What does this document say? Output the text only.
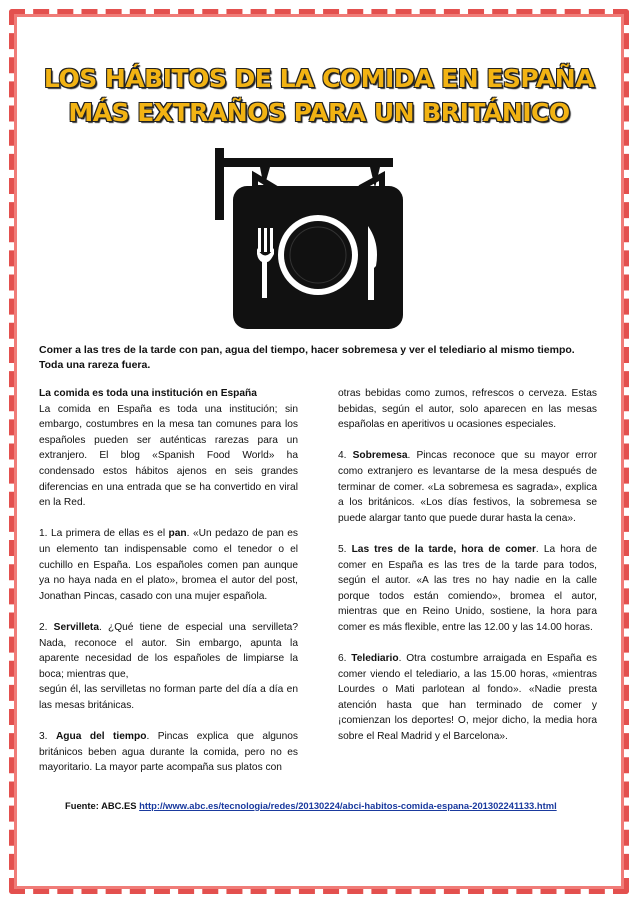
LOS HÁBITOS DE LA COMIDA EN ESPAÑA
MÁS EXTRAÑOS PARA UN BRITÁNICO
Comer a las tres de la tarde con pan, agua del tiempo, hacer sobremesa y ver el telediario al mismo tiempo. Toda una rareza fuera.
La comida es toda una institución en España

La comida en España es toda una institución; sin embargo, costumbres en la mesa tan comunes para los españoles pueden ser auténticas rarezas para un extranjero. El blog «Spanish Food World» ha condensado estos hábitos ajenos en seis grandes diferencias en una entrada que se ha convertido en viral en la Red.

1. La primera de ellas es el pan. «Un pedazo de pan es un elemento tan indispensable como el tenedor o el cuchillo en España. Los españoles comen pan aunque ya no haya nada en el plato», bromea el autor del post, Jonathan Pincas, casado con una mujer española.

2. Servilleta. ¿Qué tiene de especial una servilleta? Nada, reconoce el autor. Sin embargo, apunta la aparente necesidad de los españoles de limpiarse la boca; mientras que,
según él, las servilletas no forman parte del día a día en las mesas británicas.

3. Agua del tiempo. Pincas explica que algunos británicos beben agua durante la comida, pero no es mayoritario. La mayor parte acompaña sus platos con

otras bebidas como zumos, refrescos o cerveza. Estas bebidas, según el autor, solo aparecen en las mesas españolas en aperitivos u ocasiones especiales.

4. Sobremesa. Pincas reconoce que su mayor error como extranjero es levantarse de la mesa después de terminar de comer. «La sobremesa es sagrada», explica a los británicos. «Los días festivos, la sobremesa se puede alargar tanto que puede durar hasta la cena».

5. Las tres de la tarde, hora de comer. La hora de comer en España es las tres de la tarde para todos, según el autor. «A las tres no hay nadie en la calle porque todos están comiendo», bromea el autor, mientras que en Reino Unido, sostiene, la hora para comer es más flexible, entre las 12.00 y las 14.00 horas.

6. Telediario. Otra costumbre arraigada en España es comer viendo el telediario, a las 15.00 horas, «mientras Lourdes o Mati parlotean al fondo». «Nadie presta atención hasta que han terminado de comer y ¡comienzan los deportes! O, mejor dicho, la media hora sobre el Real Madrid y el Barcelona».

Fuente: ABC.ES http://www.abc.es/tecnologia/redes/20130224/abci-habitos-comida-espana-201302241133.html
